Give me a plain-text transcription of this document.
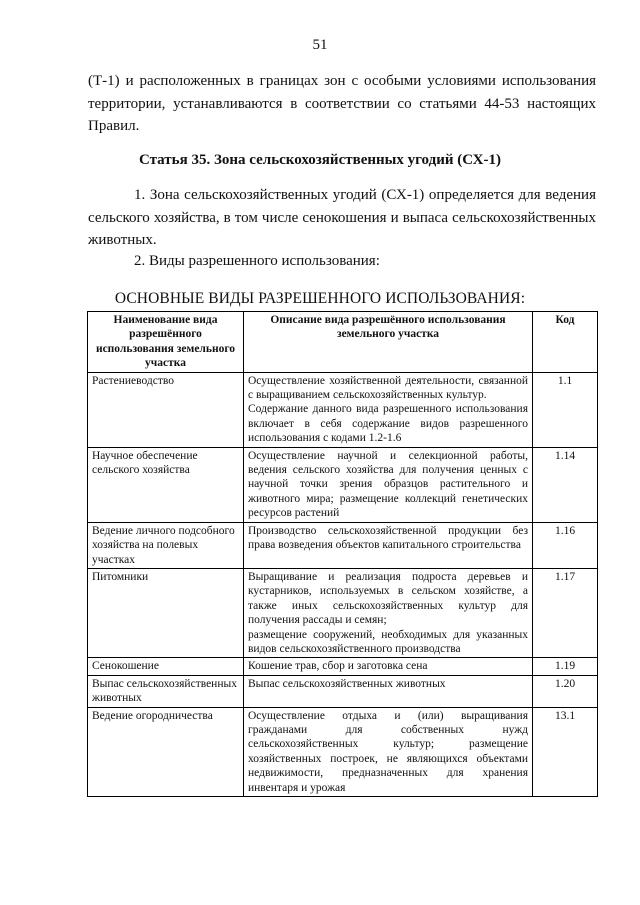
51

(Т-1) и расположенных в границах зон с особыми условиями использования территории, устанавливаются в соответствии со статьями 44-53 настоящих Правил.

Статья 35. Зона сельскохозяйственных угодий (СХ-1)

1. Зона сельскохозяйственных угодий (СХ-1) определяется для ведения сельского хозяйства, в том числе сенокошения и выпаса сельскохозяйственных животных.

2. Виды разрешенного использования:

ОСНОВНЫЕ ВИДЫ РАЗРЕШЕННОГО ИСПОЛЬЗОВАНИЯ:
Наименование вида разрешённого использования земельного участка	Описание вида разрешённого использования земельного участка	Код
Растениеводство	Осуществление хозяйственной деятельности, связанной с выращиванием сельскохозяйственных культур.

Содержание данного вида разрешенного использования включает в себя содержание видов разрешенного использования с кодами 1.2-1.6	1.1
Научное обеспечение сельского хозяйства	Осуществление научной и селекционной работы, ведения сельского хозяйства для получения ценных с научной точки зрения образцов растительного и животного мира; размещение коллекций генетических ресурсов растений	1.14
Ведение личного подсобного хозяйства на полевых участках	Производство сельскохозяйственной продукции без права возведения объектов капитального строительства	1.16
Питомники	Выращивание и реализация подроста деревьев и кустарников, используемых в сельском хозяйстве, а также иных сельскохозяйственных культур для получения рассады и семян;

размещение сооружений, необходимых для указанных видов сельскохозяйственного производства	1.17
Сенокошение	Кошение трав, сбор и заготовка сена	1.19
Выпас сельскохозяйственных животных	Выпас сельскохозяйственных животных	1.20
Ведение огородничества	Осуществление отдыха и (или) выращивания гражданами для собственных нужд сельскохозяйственных культур; размещение хозяйственных построек, не являющихся объектами недвижимости, предназначенных для хранения инвентаря и урожая	13.1
